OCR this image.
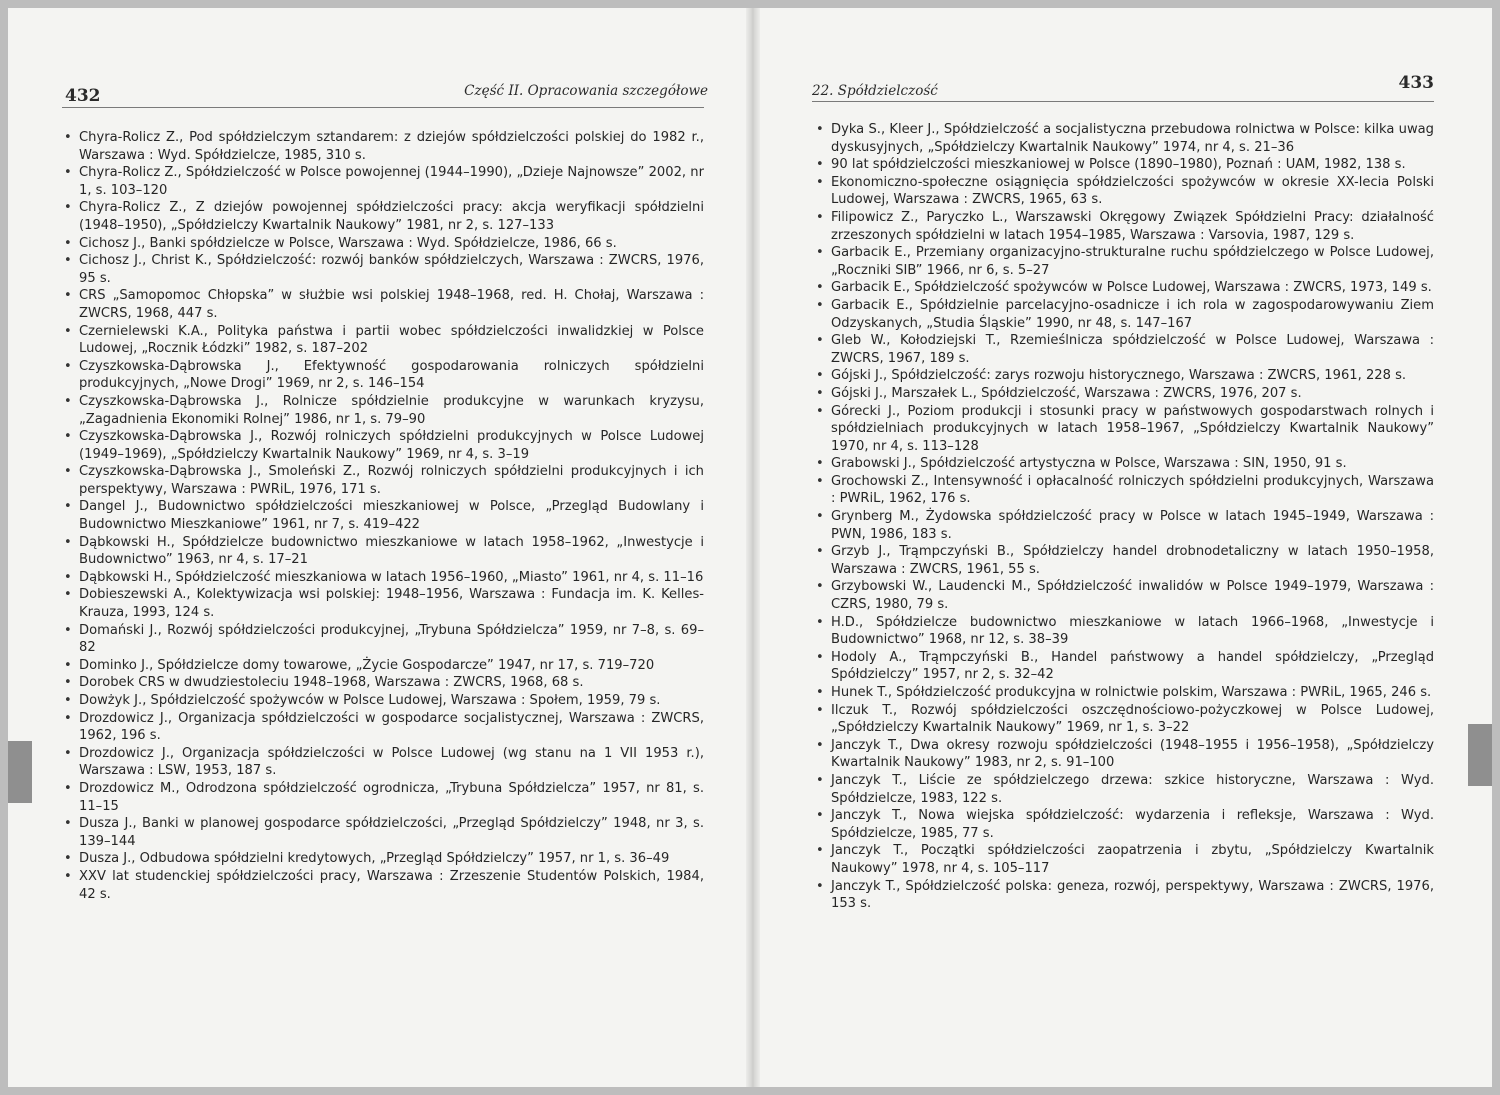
432	Część II. Opracowania szczegółowe
• Chyra-Rolicz Z., Pod spółdzielczym sztandarem: z dziejów spółdzielczości polskiej do 1982 r., Warszawa : Wyd. Spółdzielcze, 1985, 310 s.
• Chyra-Rolicz Z., Spółdzielczość w Polsce powojennej (1944–1990), „Dzieje Najnowsze” 2002, nr 1, s. 103–120
• Chyra-Rolicz Z., Z dziejów powojennej spółdzielczości pracy: akcja weryfikacji spółdzielni (1948–1950), „Spółdzielczy Kwartalnik Naukowy” 1981, nr 2, s. 127–133
• Cichosz J., Banki spółdzielcze w Polsce, Warszawa : Wyd. Spółdzielcze, 1986, 66 s.
• Cichosz J., Christ K., Spółdzielczość: rozwój banków spółdzielczych, Warszawa : ZWCRS, 1976, 95 s.
• CRS „Samopomoc Chłopska” w służbie wsi polskiej 1948–1968, red. H. Chołaj, Warszawa : ZWCRS, 1968, 447 s.
• Czernielewski K.A., Polityka państwa i partii wobec spółdzielczości inwalidzkiej w Polsce Ludowej, „Rocznik Łódzki” 1982, s. 187–202
• Czyszkowska-Dąbrowska J., Efektywność gospodarowania rolniczych spółdzielni produkcyjnych, „Nowe Drogi” 1969, nr 2, s. 146–154
• Czyszkowska-Dąbrowska J., Rolnicze spółdzielnie produkcyjne w warunkach kryzysu, „Zagadnienia Ekonomiki Rolnej” 1986, nr 1, s. 79–90
• Czyszkowska-Dąbrowska J., Rozwój rolniczych spółdzielni produkcyjnych w Polsce Ludowej (1949–1969), „Spółdzielczy Kwartalnik Naukowy” 1969, nr 4, s. 3–19
• Czyszkowska-Dąbrowska J., Smoleński Z., Rozwój rolniczych spółdzielni produkcyjnych i ich perspektywy, Warszawa : PWRiL, 1976, 171 s.
• Dangel J., Budownictwo spółdzielczości mieszkaniowej w Polsce, „Przegląd Budowlany i Budownictwo Mieszkaniowe” 1961, nr 7, s. 419–422
• Dąbkowski H., Spółdzielcze budownictwo mieszkaniowe w latach 1958–1962, „Inwestycje i Budownictwo” 1963, nr 4, s. 17–21
• Dąbkowski H., Spółdzielczość mieszkaniowa w latach 1956–1960, „Miasto” 1961, nr 4, s. 11–16
• Dobieszewski A., Kolektywizacja wsi polskiej: 1948–1956, Warszawa : Fundacja im. K. Kelles-Krauza, 1993, 124 s.
• Domański J., Rozwój spółdzielczości produkcyjnej, „Trybuna Spółdzielcza” 1959, nr 7–8, s. 69–82
• Dominko J., Spółdzielcze domy towarowe, „Życie Gospodarcze” 1947, nr 17, s. 719–720
• Dorobek CRS w dwudziestoleciu 1948–1968, Warszawa : ZWCRS, 1968, 68 s.
• Dowżyk J., Spółdzielczość spożywców w Polsce Ludowej, Warszawa : Społem, 1959, 79 s.
• Drozdowicz J., Organizacja spółdzielczości w gospodarce socjalistycznej, Warszawa : ZWCRS, 1962, 196 s.
• Drozdowicz J., Organizacja spółdzielczości w Polsce Ludowej (wg stanu na 1 VII 1953 r.), Warszawa : LSW, 1953, 187 s.
• Drozdowicz M., Odrodzona spółdzielczość ogrodnicza, „Trybuna Spółdzielcza” 1957, nr 81, s. 11–15
• Dusza J., Banki w planowej gospodarce spółdzielczości, „Przegląd Spółdzielczy” 1948, nr 3, s. 139–144
• Dusza J., Odbudowa spółdzielni kredytowych, „Przegląd Spółdzielczy” 1957, nr 1, s. 36–49
• XXV lat studenckiej spółdzielczości pracy, Warszawa : Zrzeszenie Studentów Polskich, 1984, 42 s.
22. Spółdzielczość	433
• Dyka S., Kleer J., Spółdzielczość a socjalistyczna przebudowa rolnictwa w Polsce: kilka uwag dyskusyjnych, „Spółdzielczy Kwartalnik Naukowy” 1974, nr 4, s. 21–36
• 90 lat spółdzielczości mieszkaniowej w Polsce (1890–1980), Poznań : UAM, 1982, 138 s.
• Ekonomiczno-społeczne osiągnięcia spółdzielczości spożywców w okresie XX-lecia Polski Ludowej, Warszawa : ZWCRS, 1965, 63 s.
• Filipowicz Z., Paryczko L., Warszawski Okręgowy Związek Spółdzielni Pracy: działalność zrzeszonych spółdzielni w latach 1954–1985, Warszawa : Varsovia, 1987, 129 s.
• Garbacik E., Przemiany organizacyjno-strukturalne ruchu spółdzielczego w Polsce Ludowej, „Roczniki SIB” 1966, nr 6, s. 5–27
• Garbacik E., Spółdzielczość spożywców w Polsce Ludowej, Warszawa : ZWCRS, 1973, 149 s.
• Garbacik E., Spółdzielnie parcelacyjno-osadnicze i ich rola w zagospodarowywaniu Ziem Odzyskanych, „Studia Śląskie” 1990, nr 48, s. 147–167
• Gleb W., Kołodziejski T., Rzemieślnicza spółdzielczość w Polsce Ludowej, Warszawa : ZWCRS, 1967, 189 s.
• Gójski J., Spółdzielczość: zarys rozwoju historycznego, Warszawa : ZWCRS, 1961, 228 s.
• Gójski J., Marszałek L., Spółdzielczość, Warszawa : ZWCRS, 1976, 207 s.
• Górecki J., Poziom produkcji i stosunki pracy w państwowych gospodarstwach rolnych i spółdzielniach produkcyjnych w latach 1958–1967, „Spółdzielczy Kwartalnik Naukowy” 1970, nr 4, s. 113–128
• Grabowski J., Spółdzielczość artystyczna w Polsce, Warszawa : SIN, 1950, 91 s.
• Grochowski Z., Intensywność i opłacalność rolniczych spółdzielni produkcyjnych, Warszawa : PWRiL, 1962, 176 s.
• Grynberg M., Żydowska spółdzielczość pracy w Polsce w latach 1945–1949, Warszawa : PWN, 1986, 183 s.
• Grzyb J., Trąmpczyński B., Spółdzielczy handel drobnodetaliczny w latach 1950–1958, Warszawa : ZWCRS, 1961, 55 s.
• Grzybowski W., Laudencki M., Spółdzielczość inwalidów w Polsce 1949–1979, Warszawa : CZRS, 1980, 79 s.
• H.D., Spółdzielcze budownictwo mieszkaniowe w latach 1966–1968, „Inwestycje i Budownictwo” 1968, nr 12, s. 38–39
• Hodoly A., Trąmpczyński B., Handel państwowy a handel spółdzielczy, „Przegląd Spółdzielczy” 1957, nr 2, s. 32–42
• Hunek T., Spółdzielczość produkcyjna w rolnictwie polskim, Warszawa : PWRiL, 1965, 246 s.
• Ilczuk T., Rozwój spółdzielczości oszczędnościowo-pożyczkowej w Polsce Ludowej, „Spółdzielczy Kwartalnik Naukowy” 1969, nr 1, s. 3–22
• Janczyk T., Dwa okresy rozwoju spółdzielczości (1948–1955 i 1956–1958), „Spółdzielczy Kwartalnik Naukowy” 1983, nr 2, s. 91–100
• Janczyk T., Liście ze spółdzielczego drzewa: szkice historyczne, Warszawa : Wyd. Spółdzielcze, 1983, 122 s.
• Janczyk T., Nowa wiejska spółdzielczość: wydarzenia i refleksje, Warszawa : Wyd. Spółdzielcze, 1985, 77 s.
• Janczyk T., Początki spółdzielczości zaopatrzenia i zbytu, „Spółdzielczy Kwartalnik Naukowy” 1978, nr 4, s. 105–117
• Janczyk T., Spółdzielczość polska: geneza, rozwój, perspektywy, Warszawa : ZWCRS, 1976, 153 s.
